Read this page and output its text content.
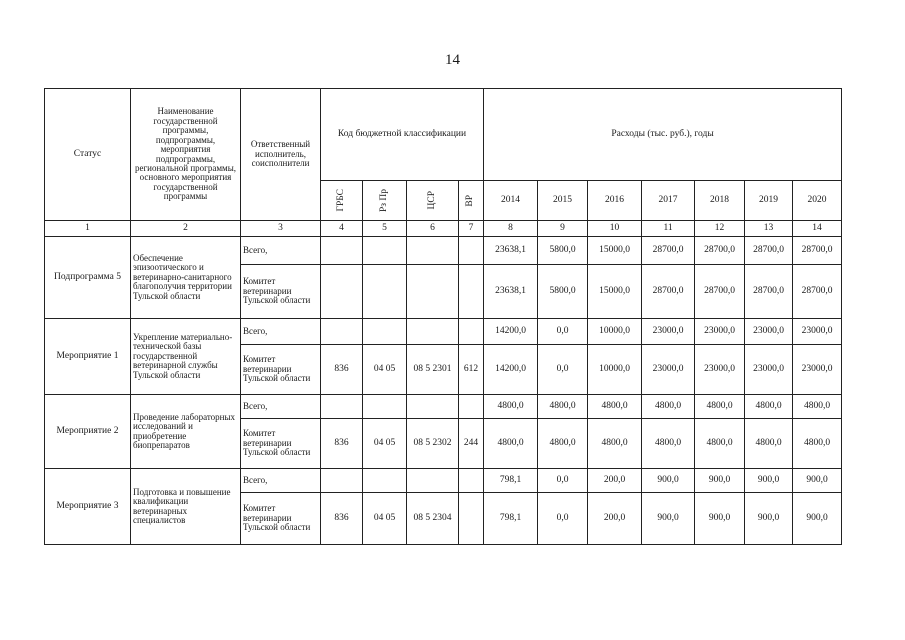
14
Статус	Наименование государственной программы, подпрограммы, мероприятия подпрограммы, региональной программы, основного мероприятия государственной программы	Ответственный исполнитель, соисполнители	Код бюджетной классификации				Расходы (тыс. руб.), годы						

			ГРБС	Рз Пр	ЦСР	ВР	2014	2015	2016	2017	2018	2019	2020
1	2	3	4	5	6	7	8	9	10	11	12	13	14
Подпрограмма 5	Обеспечение эпизоотического и ветеринарно-санитарного благополучия территории Тульской области	Всего,					23638,1	5800,0	15000,0	28700,0	28700,0	28700,0	28700,0
		Комитет ветеринарии Тульской области					23638,1	5800,0	15000,0	28700,0	28700,0	28700,0	28700,0
Мероприятие 1	Укрепление материально-технической базы государственной ветеринарной службы Тульской области	Всего,					14200,0	0,0	10000,0	23000,0	23000,0	23000,0	23000,0
		Комитет ветеринарии Тульской области	836	04 05	08 5 2301	612	14200,0	0,0	10000,0	23000,0	23000,0	23000,0	23000,0
Мероприятие 2	Проведение лабораторных исследований и приобретение биопрепаратов	Всего,					4800,0	4800,0	4800,0	4800,0	4800,0	4800,0	4800,0
		Комитет ветеринарии Тульской области	836	04 05	08 5 2302	244	4800,0	4800,0	4800,0	4800,0	4800,0	4800,0	4800,0
Мероприятие 3	Подготовка и повышение квалификации ветеринарных специалистов	Всего,					798,1	0,0	200,0	900,0	900,0	900,0	900,0
		Комитет ветеринарии Тульской области	836	04 05	08 5 2304		798,1	0,0	200,0	900,0	900,0	900,0	900,0
